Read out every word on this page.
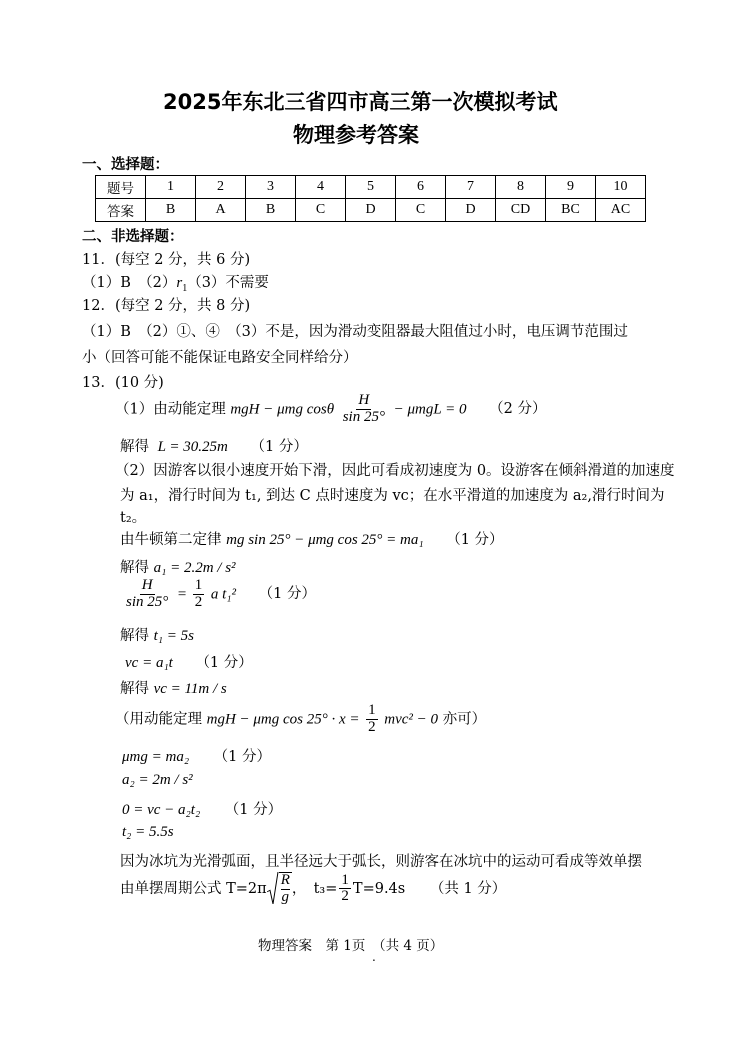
2025年东北三省四市高三第一次模拟考试
物理参考答案
一、选择题：
题号	1	2	3	4	5	6	7	8	9	10
答案	B	A	B	C	D	C	D	CD	BC	AC
二、非选择题：
11．(每空 2 分，共 6 分)
（1）B　$(2)r_1(3)$不需要
12．(每空 2 分，共 8 分)
（1）B　（2）①、④　（3）不是，因为滑动变阻器最大阻值过小时，电压调节范围过
小（回答可能不能保证电路安全同样给分）
13．(10 分)
（1）由动能定理 mgH − μmg cosθ $\frac{H}{\sin 25^\circ} - \mu mgL = 0$ （2 分）
解得 L = 30.25m （1 分）
（2）因游客以很小速度开始下滑，因此可看成初速度为 0。设游客在倾斜滑道的加速度
为 a₁，滑行时间为 t₁, 到达 C 点时速度为 vc；在水平滑道的加速度为 a₂,滑行时间为
t₂。
由牛顿第二定律 mg sin 25° − μmg cos 25° = ma₁ （1 分）
解得 a₁ = 2.2m / s²
$\frac{H}{\sin 25^\circ} = \frac{1}{2}$ a t₁² （1 分）
解得 t₁ = 5s
vc = a₁t （1 分）
解得 vc = 11m / s
（用动能定理 mgH − μmg $\cos 25^\circ \cdot x = \frac{1}{2} mvc^2 - 0$ 亦可）
μmg = ma₂ （1 分）
a₂ = 2m / s²
0 = vc − a₂t₂ （1 分）
t₂ = 5.5s
因为冰坑为光滑弧面，且半径远大于弧长，则游客在冰坑中的运动可看成等效单摆
由单摆周期公式 $T=2\pi \frac{R}{g}$ ，　$t_3= \frac{1}{2} T=9.4s$ （共 1 分）
物理答案　第 1页　（共 4 页）
.
